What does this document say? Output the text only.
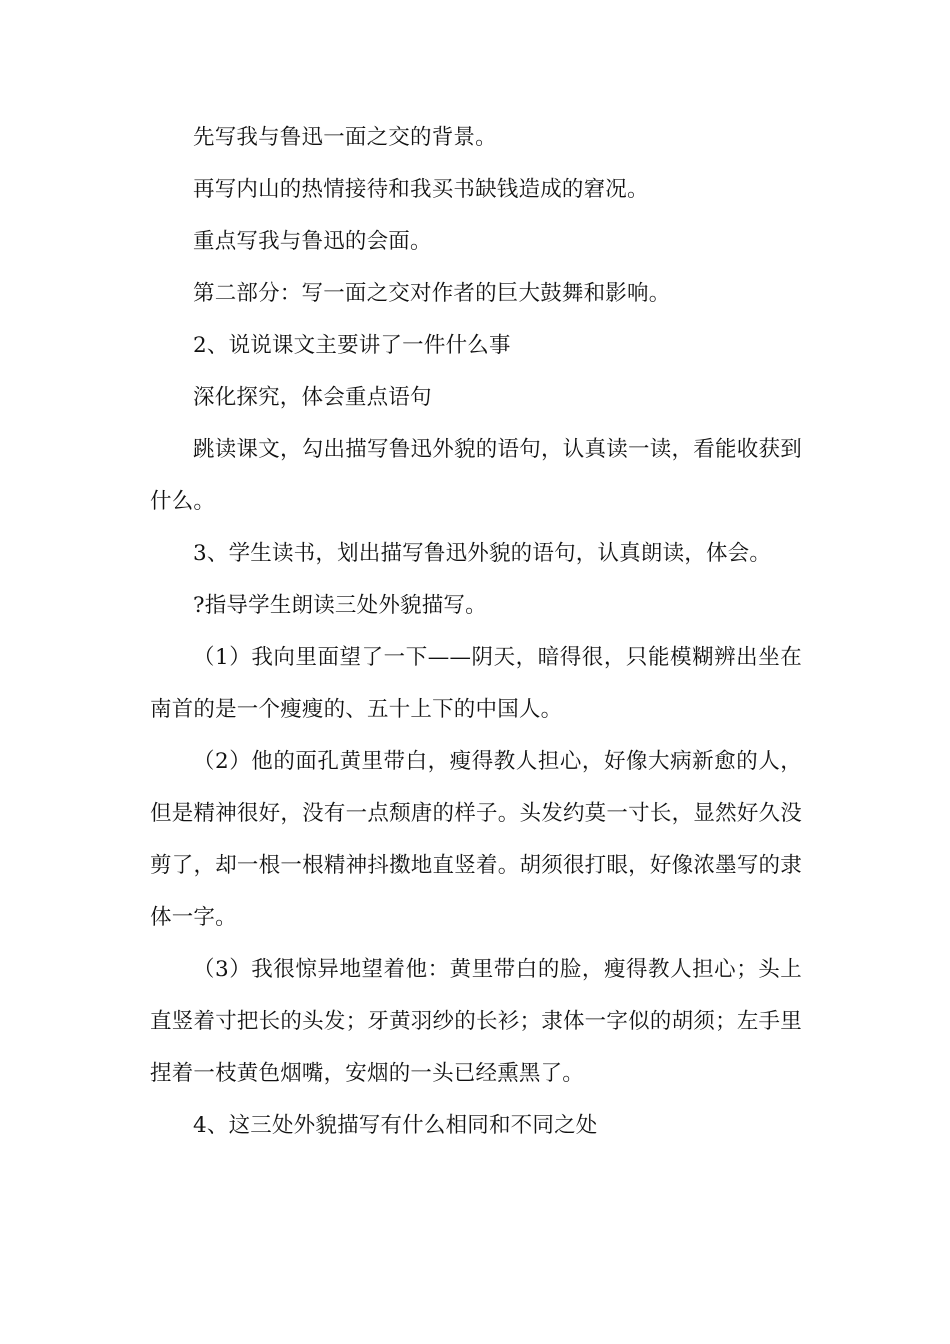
先写我与鲁迅一面之交的背景。

再写内山的热情接待和我买书缺钱造成的窘况。

重点写我与鲁迅的会面。

第二部分：写一面之交对作者的巨大鼓舞和影响。

2、说说课文主要讲了一件什么事

深化探究，体会重点语句

跳读课文，勾出描写鲁迅外貌的语句，认真读一读，看能收获到什么。

3、学生读书，划出描写鲁迅外貌的语句，认真朗读，体会。

?指导学生朗读三处外貌描写。

（1）我向里面望了一下——阴天，暗得很，只能模糊辨出坐在南首的是一个瘦瘦的、五十上下的中国人。

（2）他的面孔黄里带白，瘦得教人担心，好像大病新愈的人，但是精神很好，没有一点颓唐的样子。头发约莫一寸长，显然好久没剪了，却一根一根精神抖擞地直竖着。胡须很打眼，好像浓墨写的隶体一字。

（3）我很惊异地望着他：黄里带白的脸，瘦得教人担心；头上直竖着寸把长的头发；牙黄羽纱的长衫；隶体一字似的胡须；左手里捏着一枝黄色烟嘴，安烟的一头已经熏黑了。

4、这三处外貌描写有什么相同和不同之处
